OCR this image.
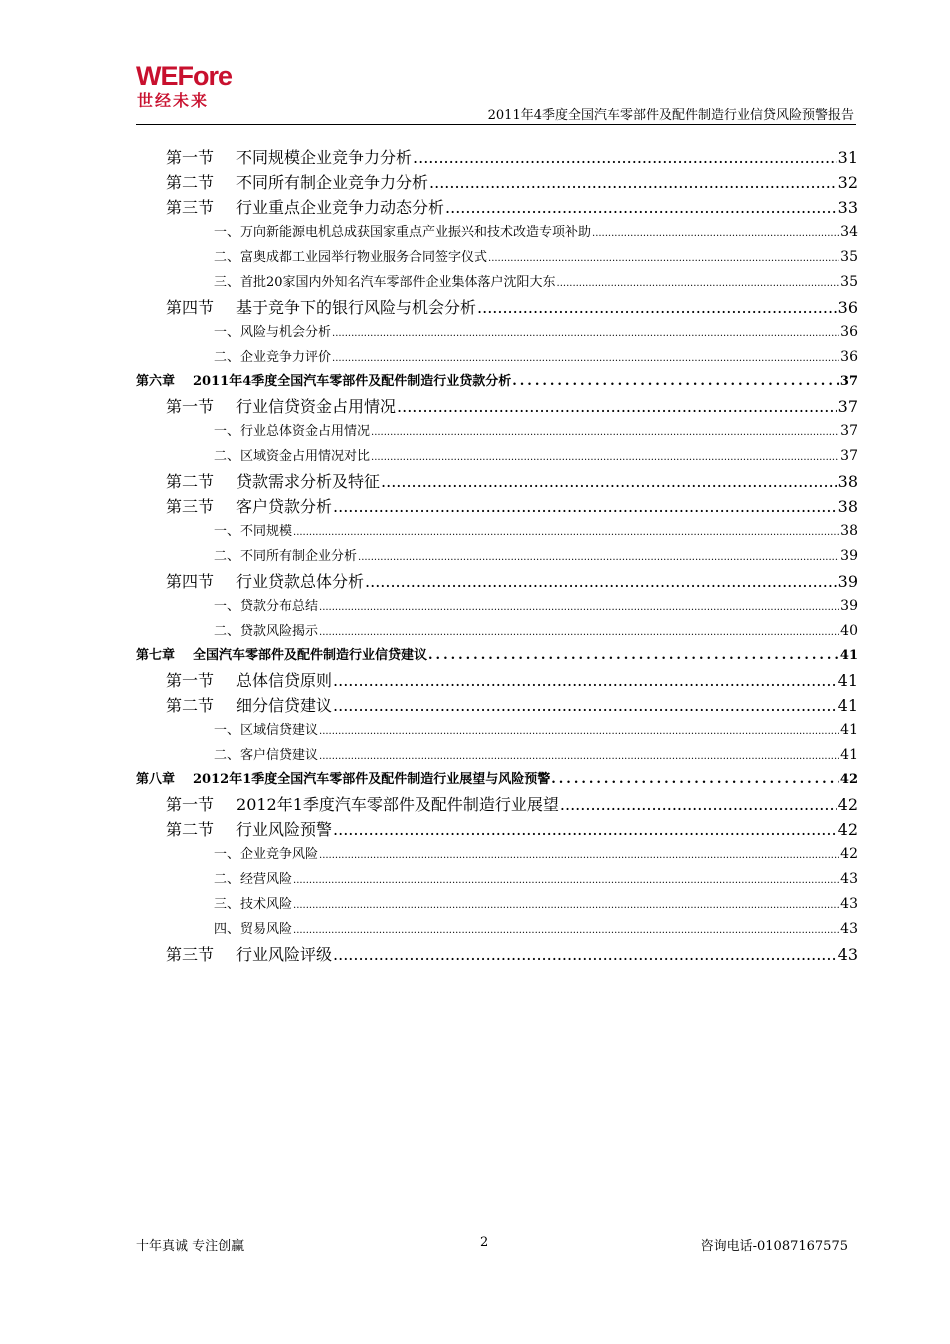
WEFore
世经未来
2011年4季度全国汽车零部件及配件制造行业信贷风险预警报告
第一节 不同规模企业竞争力分析 .....	31
第二节 不同所有制企业竞争力分析 .....	32
第三节 行业重点企业竞争力动态分析 .....	33
一、万向新能源电机总成获国家重点产业振兴和技术改造专项补助 .....	34
二、富奥成都工业园举行物业服务合同签字仪式 .....	35
三、首批20家国内外知名汽车零部件企业集体落户沈阳大东 .....	35
第四节 基于竞争下的银行风险与机会分析 .....	36
一、风险与机会分析 .....	36
二、企业竞争力评价 .....	36
第六章 2011年4季度全国汽车零部件及配件制造行业贷款分析 .....	37
第一节 行业信贷资金占用情况 .....	37
一、行业总体资金占用情况 .....	37
二、区域资金占用情况对比 .....	37
第二节 贷款需求分析及特征 .....	38
第三节 客户贷款分析 .....	38
一、不同规模 .....	38
二、不同所有制企业分析 .....	39
第四节 行业贷款总体分析 .....	39
一、贷款分布总结 .....	39
二、贷款风险揭示 .....	40
第七章 全国汽车零部件及配件制造行业信贷建议 .....	41
第一节 总体信贷原则 .....	41
第二节 细分信贷建议 .....	41
一、区域信贷建议 .....	41
二、客户信贷建议 .....	41
第八章 2012年1季度全国汽车零部件及配件制造行业展望与风险预警 .....	42
第一节 2012年1季度汽车零部件及配件制造行业展望 .....	42
第二节 行业风险预警 .....	42
一、企业竞争风险 .....	42
二、经营风险 .....	43
三、技术风险 .....	43
四、贸易风险 .....	43
第三节 行业风险评级 .....	43
十年真诚 专注创赢	2	咨询电话-01087167575
